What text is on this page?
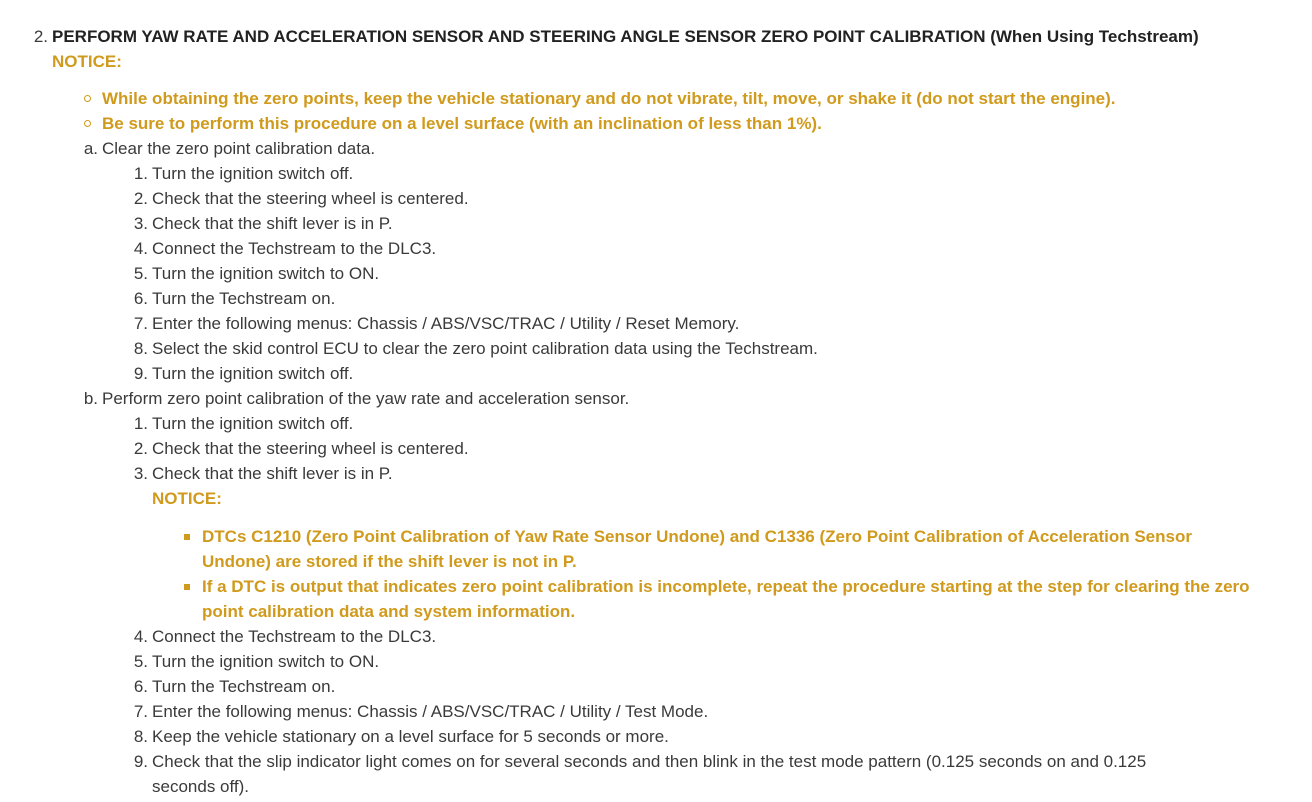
2. PERFORM YAW RATE AND ACCELERATION SENSOR AND STEERING ANGLE SENSOR ZERO POINT CALIBRATION (When Using Techstream)
NOTICE:
While obtaining the zero points, keep the vehicle stationary and do not vibrate, tilt, move, or shake it (do not start the engine).
Be sure to perform this procedure on a level surface (with an inclination of less than 1%).
a. Clear the zero point calibration data.
1. Turn the ignition switch off.
2. Check that the steering wheel is centered.
3. Check that the shift lever is in P.
4. Connect the Techstream to the DLC3.
5. Turn the ignition switch to ON.
6. Turn the Techstream on.
7. Enter the following menus: Chassis / ABS/VSC/TRAC / Utility / Reset Memory.
8. Select the skid control ECU to clear the zero point calibration data using the Techstream.
9. Turn the ignition switch off.
b. Perform zero point calibration of the yaw rate and acceleration sensor.
1. Turn the ignition switch off.
2. Check that the steering wheel is centered.
3. Check that the shift lever is in P.
NOTICE:
DTCs C1210 (Zero Point Calibration of Yaw Rate Sensor Undone) and C1336 (Zero Point Calibration of Acceleration Sensor
Undone) are stored if the shift lever is not in P.
If a DTC is output that indicates zero point calibration is incomplete, repeat the procedure starting at the step for clearing the zero
point calibration data and system information.
4. Connect the Techstream to the DLC3.
5. Turn the ignition switch to ON.
6. Turn the Techstream on.
7. Enter the following menus: Chassis / ABS/VSC/TRAC / Utility / Test Mode.
8. Keep the vehicle stationary on a level surface for 5 seconds or more.
9. Check that the slip indicator light comes on for several seconds and then blink in the test mode pattern (0.125 seconds on and 0.125
seconds off).
